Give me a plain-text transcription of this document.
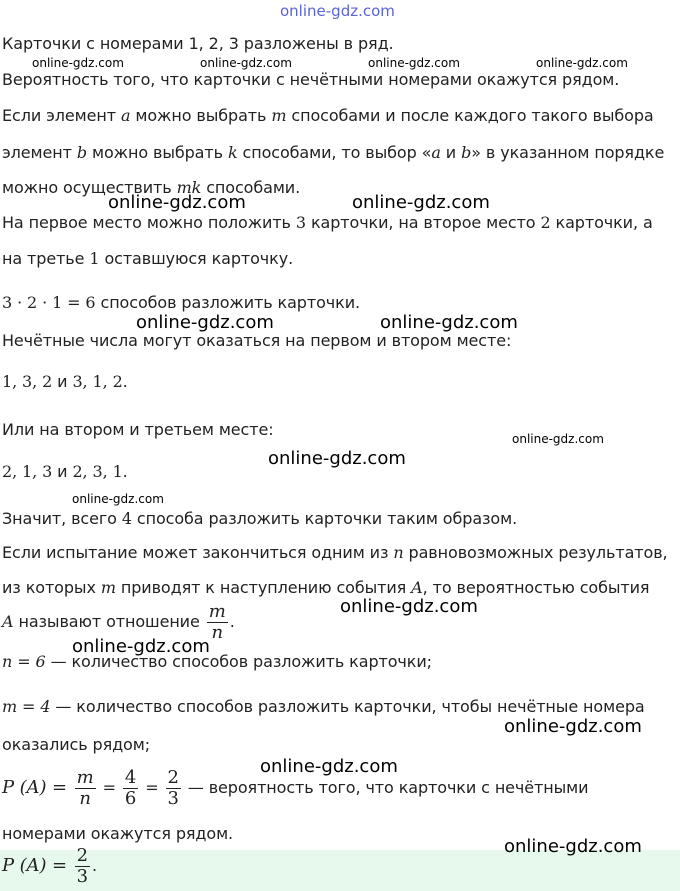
online-gdz.com
Карточки с номерами 1, 2, 3 разложены в ряд.
Вероятность того, что карточки с нечётными номерами окажутся рядом.
Если элемент a можно выбрать m способами и после каждого такого выбора
элемент b можно выбрать k способами, то выбор «a и b» в указанном порядке
можно осуществить mk способами.
На первое место можно положить 3 карточки, на второе место 2 карточки, а
на третье 1 оставшуюся карточку.
3 · 2 · 1 = 6 способов разложить карточки.
Нечётные числа могут оказаться на первом и втором месте:
1, 3, 2 и 3, 1, 2.
Или на втором и третьем месте:
2, 1, 3 и 2, 3, 1.
Значит, всего 4 способа разложить карточки таким образом.
Если испытание может закончиться одним из n равновозможных результатов,
из которых m приводят к наступлению события A, то вероятностью события
A называют отношение $\frac{m}{n}$ .
n = 6 — количество способов разложить карточки;
m = 4 — количество способов разложить карточки, чтобы нечётные номера
оказались рядом;
P $(A) = \frac{m}{n} = \frac{4}{6} = \frac{2}{3}$ — вероятность того, что карточки с нечётными
номерами окажутся рядом.
P $(A) = \frac{2}{3}$ .
online-gdz.com	online-gdz.com	online-gdz.com	online-gdz.com
online-gdz.com	online-gdz.com
online-gdz.com	online-gdz.com
online-gdz.com
online-gdz.com
online-gdz.com
online-gdz.com
online-gdz.com
online-gdz.com
online-gdz.com
online-gdz.com
